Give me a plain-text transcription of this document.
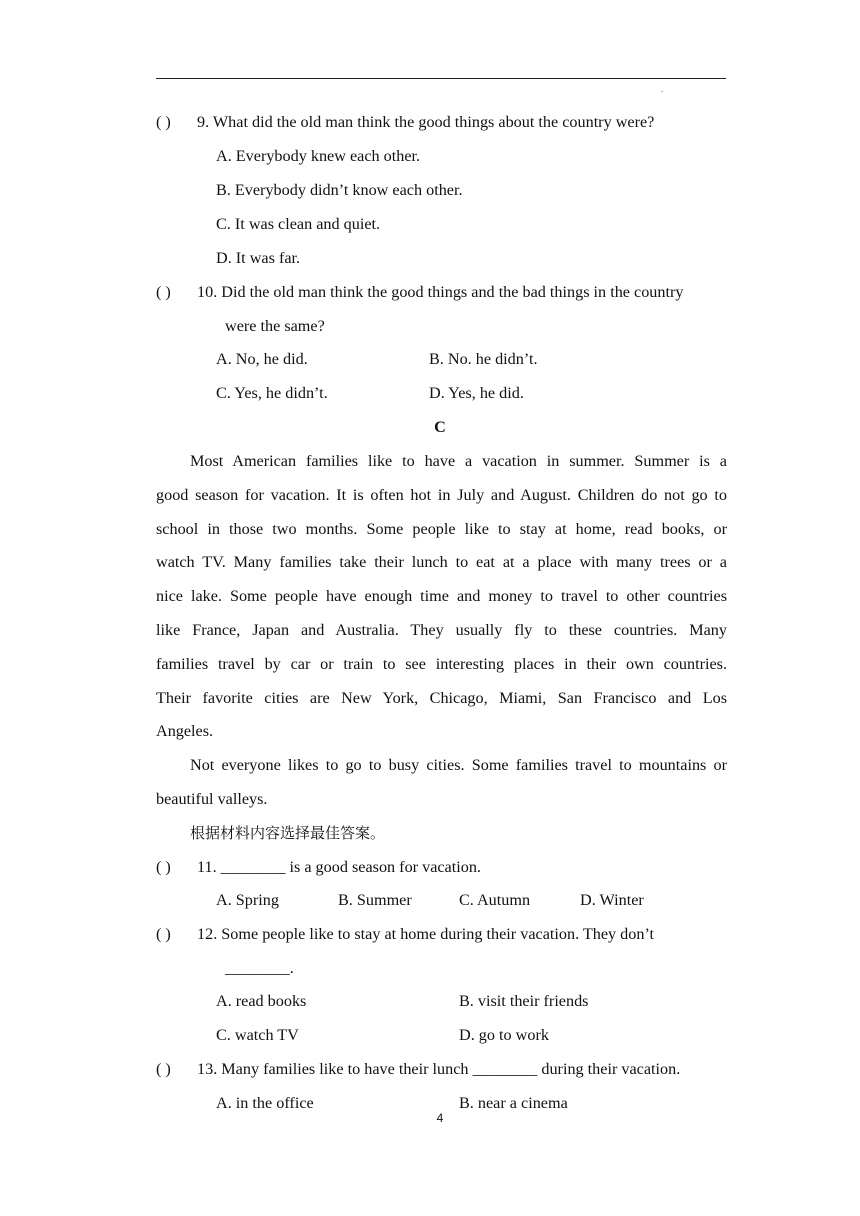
.
( ) 9. What did the old man think the good things about the country were?
A. Everybody knew each other.
B. Everybody didn’t know each other.
C. It was clean and quiet.
D. It was far.
( ) 10. Did the old man think the good things and the bad things in the country
were the same?
A. No, he did.	B. No. he didn’t.
C. Yes, he didn’t.	D. Yes, he did.
C
Most American families like to have a vacation in summer. Summer is a
good season for vacation. It is often hot in July and August. Children do not go to
school in those two months. Some people like to stay at home, read books, or
watch TV. Many families take their lunch to eat at a place with many trees or a
nice lake. Some people have enough time and money to travel to other countries
like France, Japan and Australia. They usually fly to these countries. Many
families travel by car or train to see interesting places in their own countries.
Their favorite cities are New York, Chicago, Miami, San Francisco and Los
Angeles.
Not everyone likes to go to busy cities. Some families travel to mountains or
beautiful valleys.
根据材料内容选择最佳答案。
( ) 11. ________ is a good season for vacation.
A. Spring	B. Summer	C. Autumn	D. Winter
( ) 12. Some people like to stay at home during their vacation. They don’t
________.
A. read books	B. visit their friends
C. watch TV	D. go to work
( ) 13. Many families like to have their lunch ________ during their vacation.
A. in the office	B. near a cinema
4
